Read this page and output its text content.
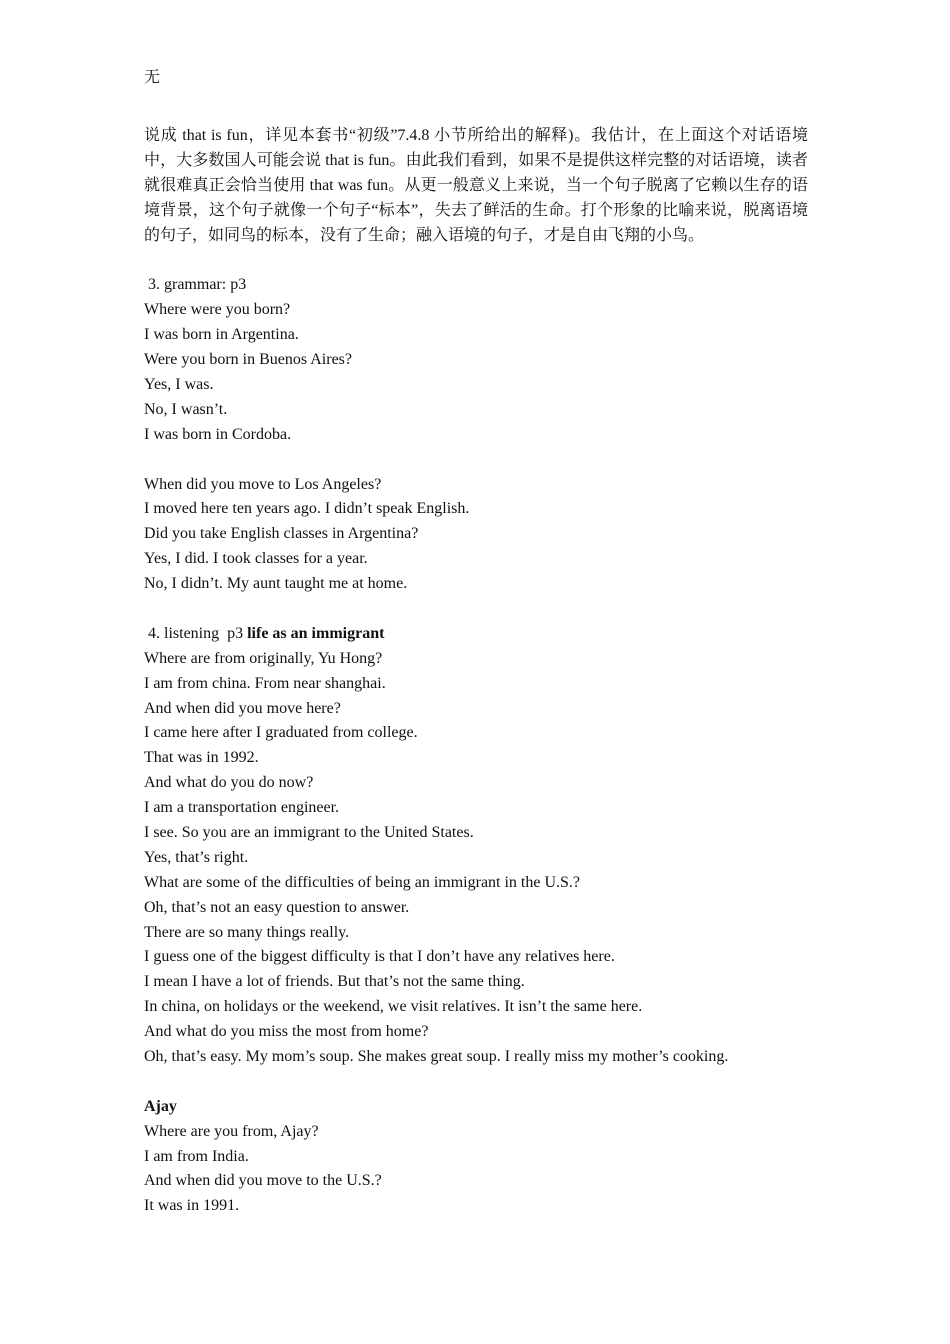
无

说成 that is fun，详见本套书“初级”7.4.8 小节所给出的解释)。我估计，在上面这个对话语境中，大多数国人可能会说 that is fun。由此我们看到，如果不是提供这样完整的对话语境，读者就很难真正会恰当使用 that was fun。从更一般意义上来说，当一个句子脱离了它赖以生存的语境背景，这个句子就像一个句子“标本”，失去了鲜活的生命。打个形象的比喻来说，脱离语境的句子，如同鸟的标本，没有了生命；融入语境的句子，才是自由飞翔的小鸟。

3. grammar: p3

Where were you born?

I was born in Argentina.

Were you born in Buenos Aires?

Yes, I was.

No, I wasn’t.

I was born in Cordoba.

When did you move to Los Angeles?

I moved here ten years ago. I didn’t speak English.

Did you take English classes in Argentina?

Yes, I did. I took classes for a year.

No, I didn’t. My aunt taught me at home.

4. listening  p3 life as an immigrant

Where are from originally, Yu Hong?

I am from china. From near shanghai.

And when did you move here?

I came here after I graduated from college.

That was in 1992.

And what do you do now?

I am a transportation engineer.

I see. So you are an immigrant to the United States.

Yes, that’s right.

What are some of the difficulties of being an immigrant in the U.S.?

Oh, that’s not an easy question to answer.

There are so many things really.

I guess one of the biggest difficulty is that I don’t have any relatives here.

I mean I have a lot of friends. But that’s not the same thing.

In china, on holidays or the weekend, we visit relatives. It isn’t the same here.

And what do you miss the most from home?

Oh, that’s easy. My mom’s soup. She makes great soup. I really miss my mother’s cooking.

Ajay

Where are you from, Ajay?

I am from India.

And when did you move to the U.S.?

It was in 1991.
